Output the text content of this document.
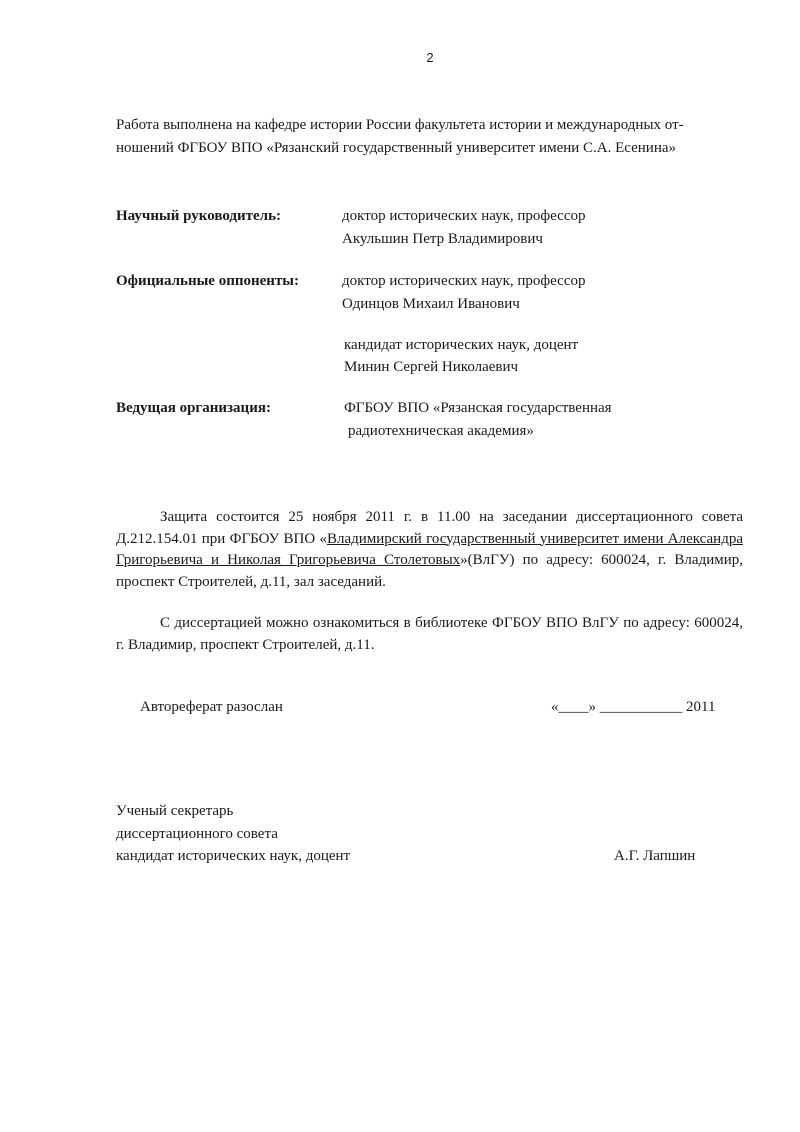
2
Работа выполнена на кафедре истории России факультета истории и международных от-
ношений ФГБОУ ВПО «Рязанский государственный университет имени С.А. Есенина»
Научный руководитель:	доктор исторических наук, профессор
Акульшин Петр Владимирович
Официальные оппоненты:	доктор исторических наук, профессор
Одинцов Михаил Иванович
кандидат исторических наук, доцент
Минин Сергей Николаевич
Ведущая организация:	ФГБОУ ВПО «Рязанская государственная
радиотехническая академия»
Защита состоится 25 ноября 2011 г. в 11.00 на заседании диссертационного совета Д.212.154.01 при ФГБОУ ВПО «Владимирский государственный университет имени Александра Григорьевича и Николая Григорьевича Столетовых»(ВлГУ) по адресу: 600024, г. Владимир, проспект Строителей, д.11, зал заседаний.
С диссертацией можно ознакомиться в библиотеке ФГБОУ ВПО ВлГУ по адресу: 600024, г. Владимир, проспект Строителей, д.11.
Автореферат разослан	«____» ___________ 2011
Ученый секретарь
диссертационного совета
кандидат исторических наук, доцент	А.Г. Лапшин
